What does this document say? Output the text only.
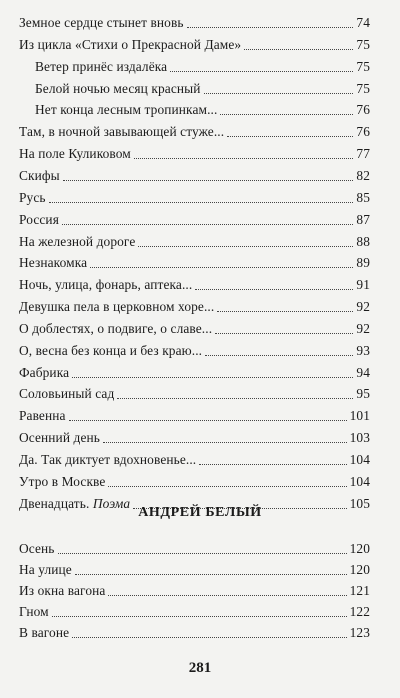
Земное сердце стынет вновь	74
Из цикла «Стихи о Прекрасной Даме»	75
Ветер принёс издалёка	75
Белой ночью месяц красный	75
Нет конца лесным тропинкам...	76
Там, в ночной завывающей стуже...	76
На поле Куликовом	77
Скифы	82
Русь	85
Россия	87
На железной дороге	88
Незнакомка	89
Ночь, улица, фонарь, аптека...	91
Девушка пела в церковном хоре...	92
О доблестях, о подвиге, о славе...	92
О, весна без конца и без краю...	93
Фабрика	94
Соловьиный сад	95
Равенна	101
Осенний день	103
Да. Так диктует вдохновенье...	104
Утро в Москве	104
Двенадцать. Поэма	105
Осень	120
На улице	120
Из окна вагона	121
Гном	122
В вагоне	123
АНДРЕЙ БЕЛЫЙ
281
